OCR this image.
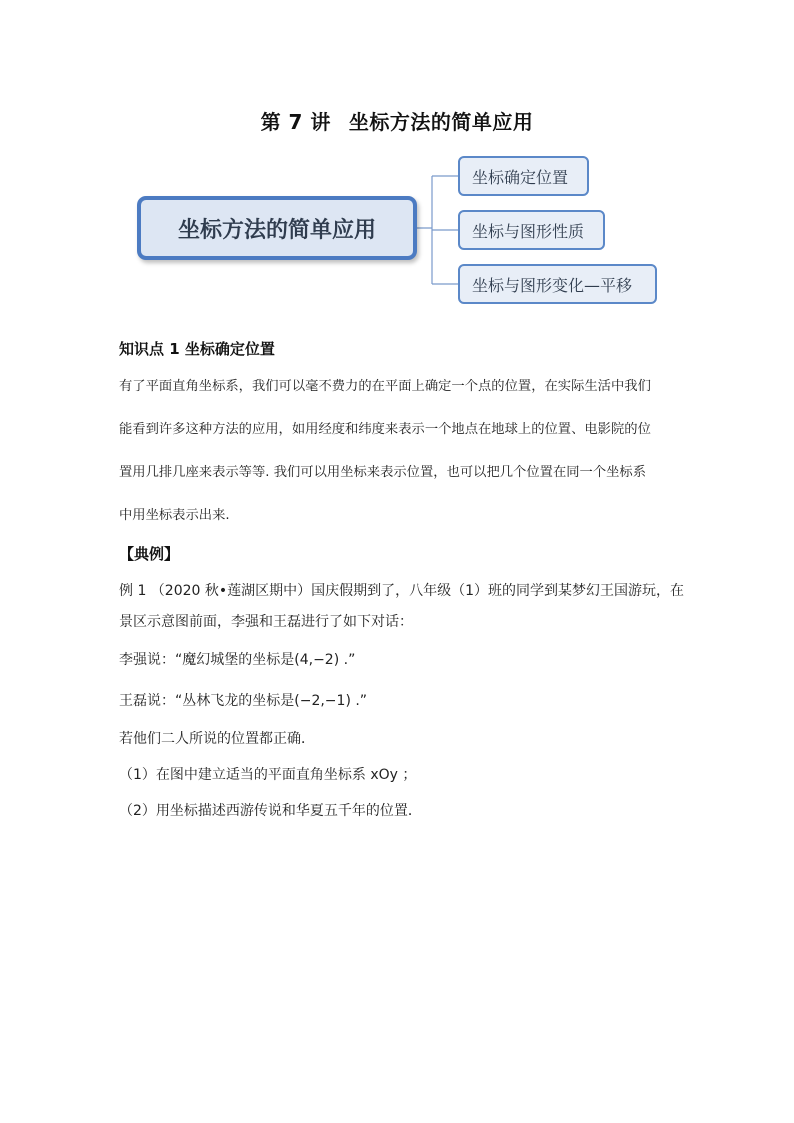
第 7 讲 坐标方法的简单应用
坐标方法的简单应用
坐标确定位置
坐标与图形性质
坐标与图形变化—平移
知识点 1 坐标确定位置
有了平面直角坐标系，我们可以毫不费力的在平面上确定一个点的位置，在实际生活中我们
能看到许多这种方法的应用，如用经度和纬度来表示一个地点在地球上的位置、电影院的位
置用几排几座来表示等等. 我们可以用坐标来表示位置，也可以把几个位置在同一个坐标系
中用坐标表示出来.
【典例】
例 1 （2020 秋•莲湖区期中）国庆假期到了，八年级（1）班的同学到某梦幻王国游玩，在
景区示意图前面，李强和王磊进行了如下对话：
李强说：“魔幻城堡的坐标是(4,−2) .”
王磊说：“丛林飞龙的坐标是(−2,−1) .”
若他们二人所说的位置都正确．
（1）在图中建立适当的平面直角坐标系 xOy ；
（2）用坐标描述西游传说和华夏五千年的位置．
